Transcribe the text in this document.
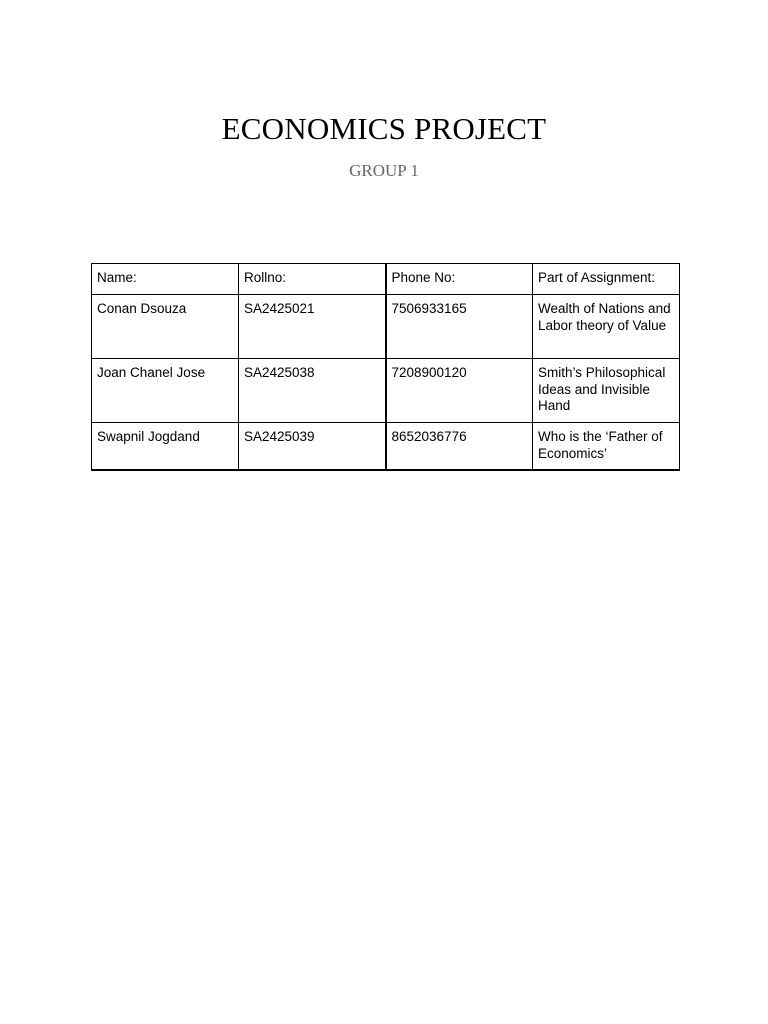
ECONOMICS PROJECT
GROUP 1
Name:	Rollno:	Phone No:	Part of Assignment:
Conan Dsouza	SA2425021	7506933165	Wealth of Nations and Labor theory of Value
Joan Chanel Jose	SA2425038	7208900120	Smith’s Philosophical Ideas and Invisible Hand
Swapnil Jogdand	SA2425039	8652036776	Who is the ‘Father of Economics’
